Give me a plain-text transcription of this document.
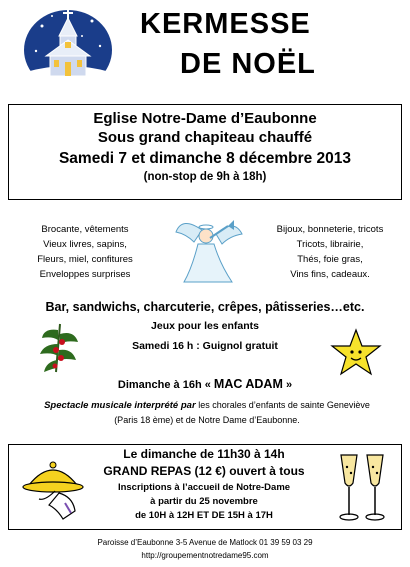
KERMESSE
DE NOËL
Eglise Notre-Dame d’Eaubonne
Sous grand chapiteau chauffé
Samedi 7 et dimanche 8 décembre 2013
(non-stop de 9h à 18h)
Brocante, vêtements
Vieux livres, sapins,
Fleurs, miel, confitures
Enveloppes surprises
Bijoux, bonneterie, tricots
Tricots, librairie,
Thés, foie gras,
Vins fins, cadeaux.
Bar, sandwichs, charcuterie, crêpes, pâtisseries…etc.
Jeux pour les enfants
Samedi 16 h : Guignol gratuit
Dimanche à 16h « MAC ADAM »
Spectacle musicale interprété par les chorales d’enfants de sainte Geneviève
(Paris 18 ème) et de Notre Dame d’Eaubonne.
Le dimanche de 11h30 à 14h
GRAND REPAS (12 €) ouvert à tous
Inscriptions à l’accueil de Notre-Dame
à partir du 25 novembre
de 10H à 12H ET DE 15H à 17H
Paroisse d’Eaubonne 3-5 Avenue de Matlock 01 39 59 03 29
http://groupementnotredame95.com
